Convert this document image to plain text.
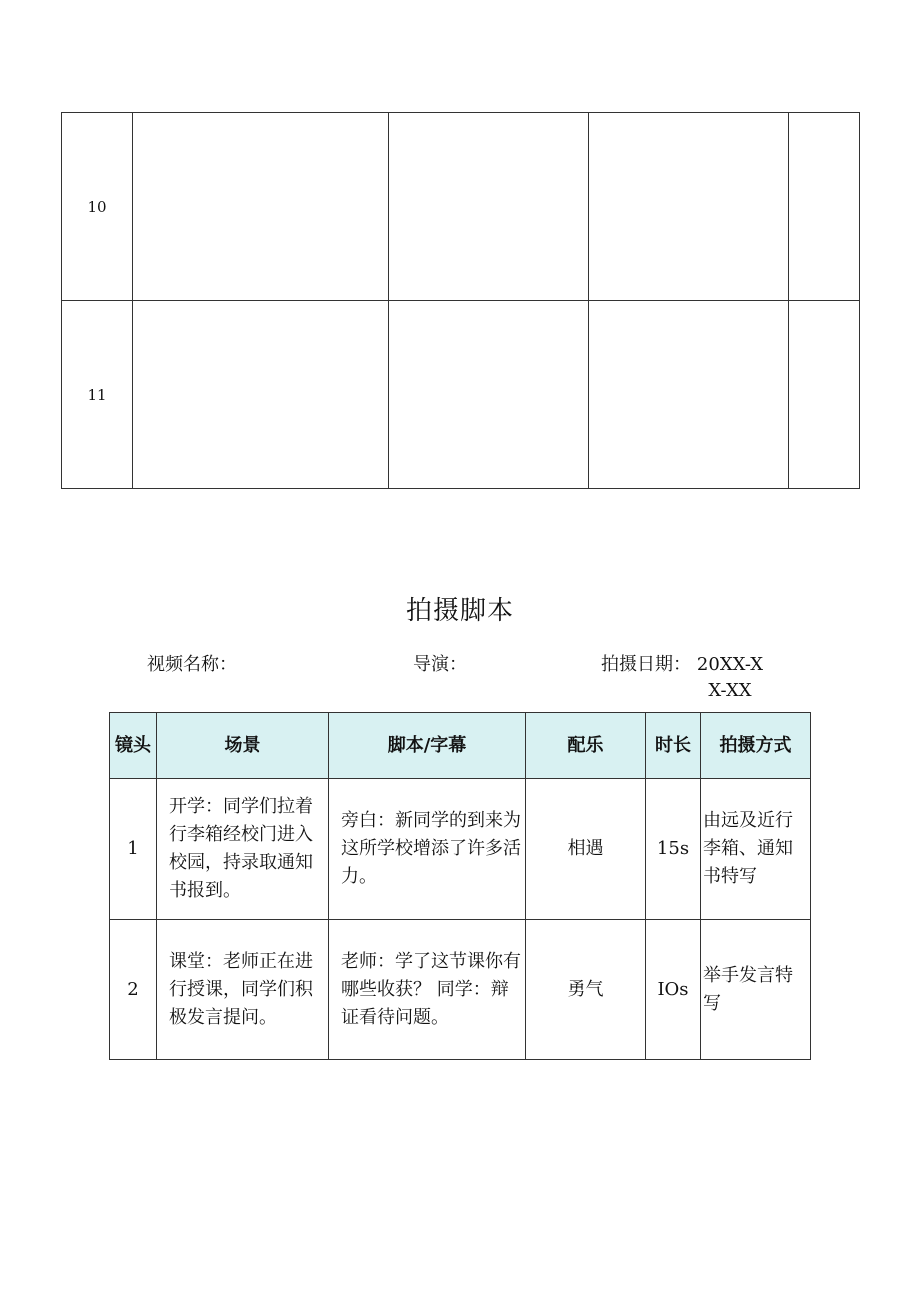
10				
11				
拍摄脚本
视频名称：	导演：	拍摄日期： 20XX-XX-XX
镜头	场景	脚本/字幕	配乐	时长	拍摄方式
1	开学：同学们拉着行李箱经校门进入校园，持录取通知书报到。	旁白：新同学的到来为这所学校增添了许多活力。	相遇	15s	由远及近行李箱、通知书特写

2	课堂：老师正在进行授课，同学们积极发言提问。	老师：学了这节课你有哪些收获？ 同学：辩证看待问题。	勇气	IOs	举手发言特写
